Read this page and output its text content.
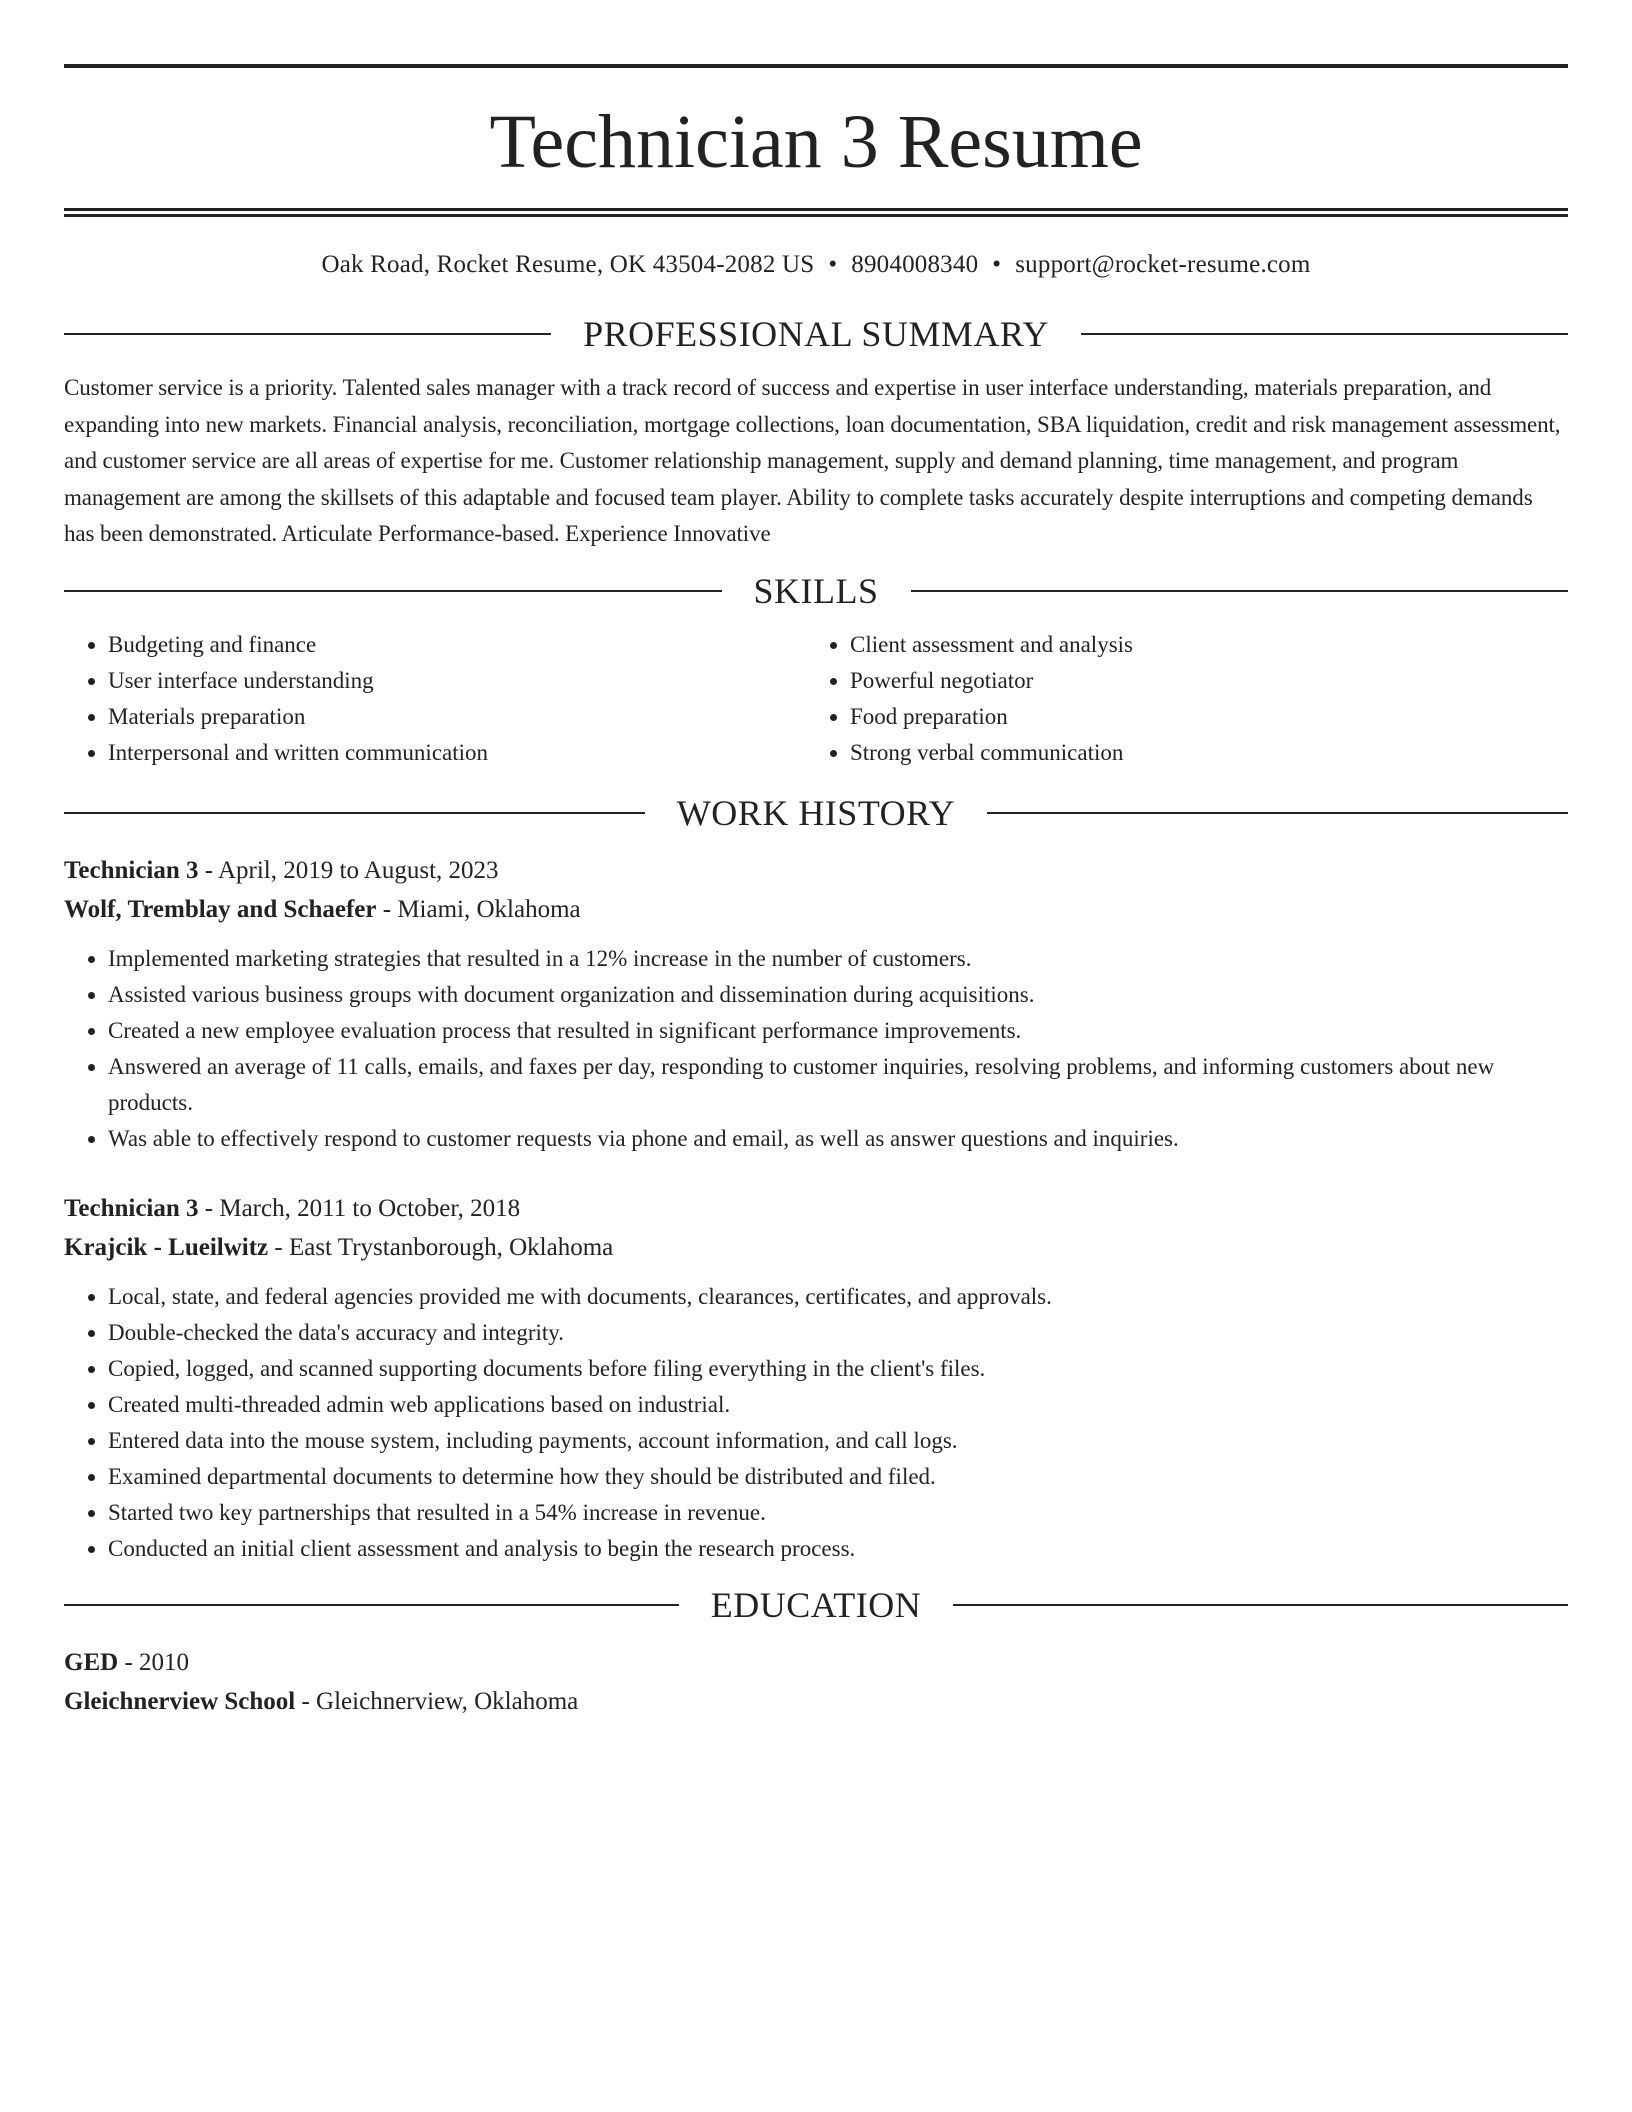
Technician 3 Resume
Oak Road, Rocket Resume, OK 43504-2082 US • 8904008340 • support@rocket-resume.com
PROFESSIONAL SUMMARY
Customer service is a priority. Talented sales manager with a track record of success and expertise in user interface understanding, materials preparation, and expanding into new markets. Financial analysis, reconciliation, mortgage collections, loan documentation, SBA liquidation, credit and risk management assessment, and customer service are all areas of expertise for me. Customer relationship management, supply and demand planning, time management, and program management are among the skillsets of this adaptable and focused team player. Ability to complete tasks accurately despite interruptions and competing demands has been demonstrated. Articulate Performance-based. Experience Innovative
SKILLS
• Budgeting and finance
• User interface understanding
• Materials preparation
• Interpersonal and written communication
• Client assessment and analysis
• Powerful negotiator
• Food preparation
• Strong verbal communication
WORK HISTORY
Technician 3 - April, 2019 to August, 2023
Wolf, Tremblay and Schaefer - Miami, Oklahoma
• Implemented marketing strategies that resulted in a 12% increase in the number of customers.
• Assisted various business groups with document organization and dissemination during acquisitions.
• Created a new employee evaluation process that resulted in significant performance improvements.
• Answered an average of 11 calls, emails, and faxes per day, responding to customer inquiries, resolving problems, and informing customers about new products.
• Was able to effectively respond to customer requests via phone and email, as well as answer questions and inquiries.
Technician 3 - March, 2011 to October, 2018
Krajcik - Lueilwitz - East Trystanborough, Oklahoma
• Local, state, and federal agencies provided me with documents, clearances, certificates, and approvals.
• Double-checked the data's accuracy and integrity.
• Copied, logged, and scanned supporting documents before filing everything in the client's files.
• Created multi-threaded admin web applications based on industrial.
• Entered data into the mouse system, including payments, account information, and call logs.
• Examined departmental documents to determine how they should be distributed and filed.
• Started two key partnerships that resulted in a 54% increase in revenue.
• Conducted an initial client assessment and analysis to begin the research process.
EDUCATION
GED - 2010
Gleichnerview School - Gleichnerview, Oklahoma
